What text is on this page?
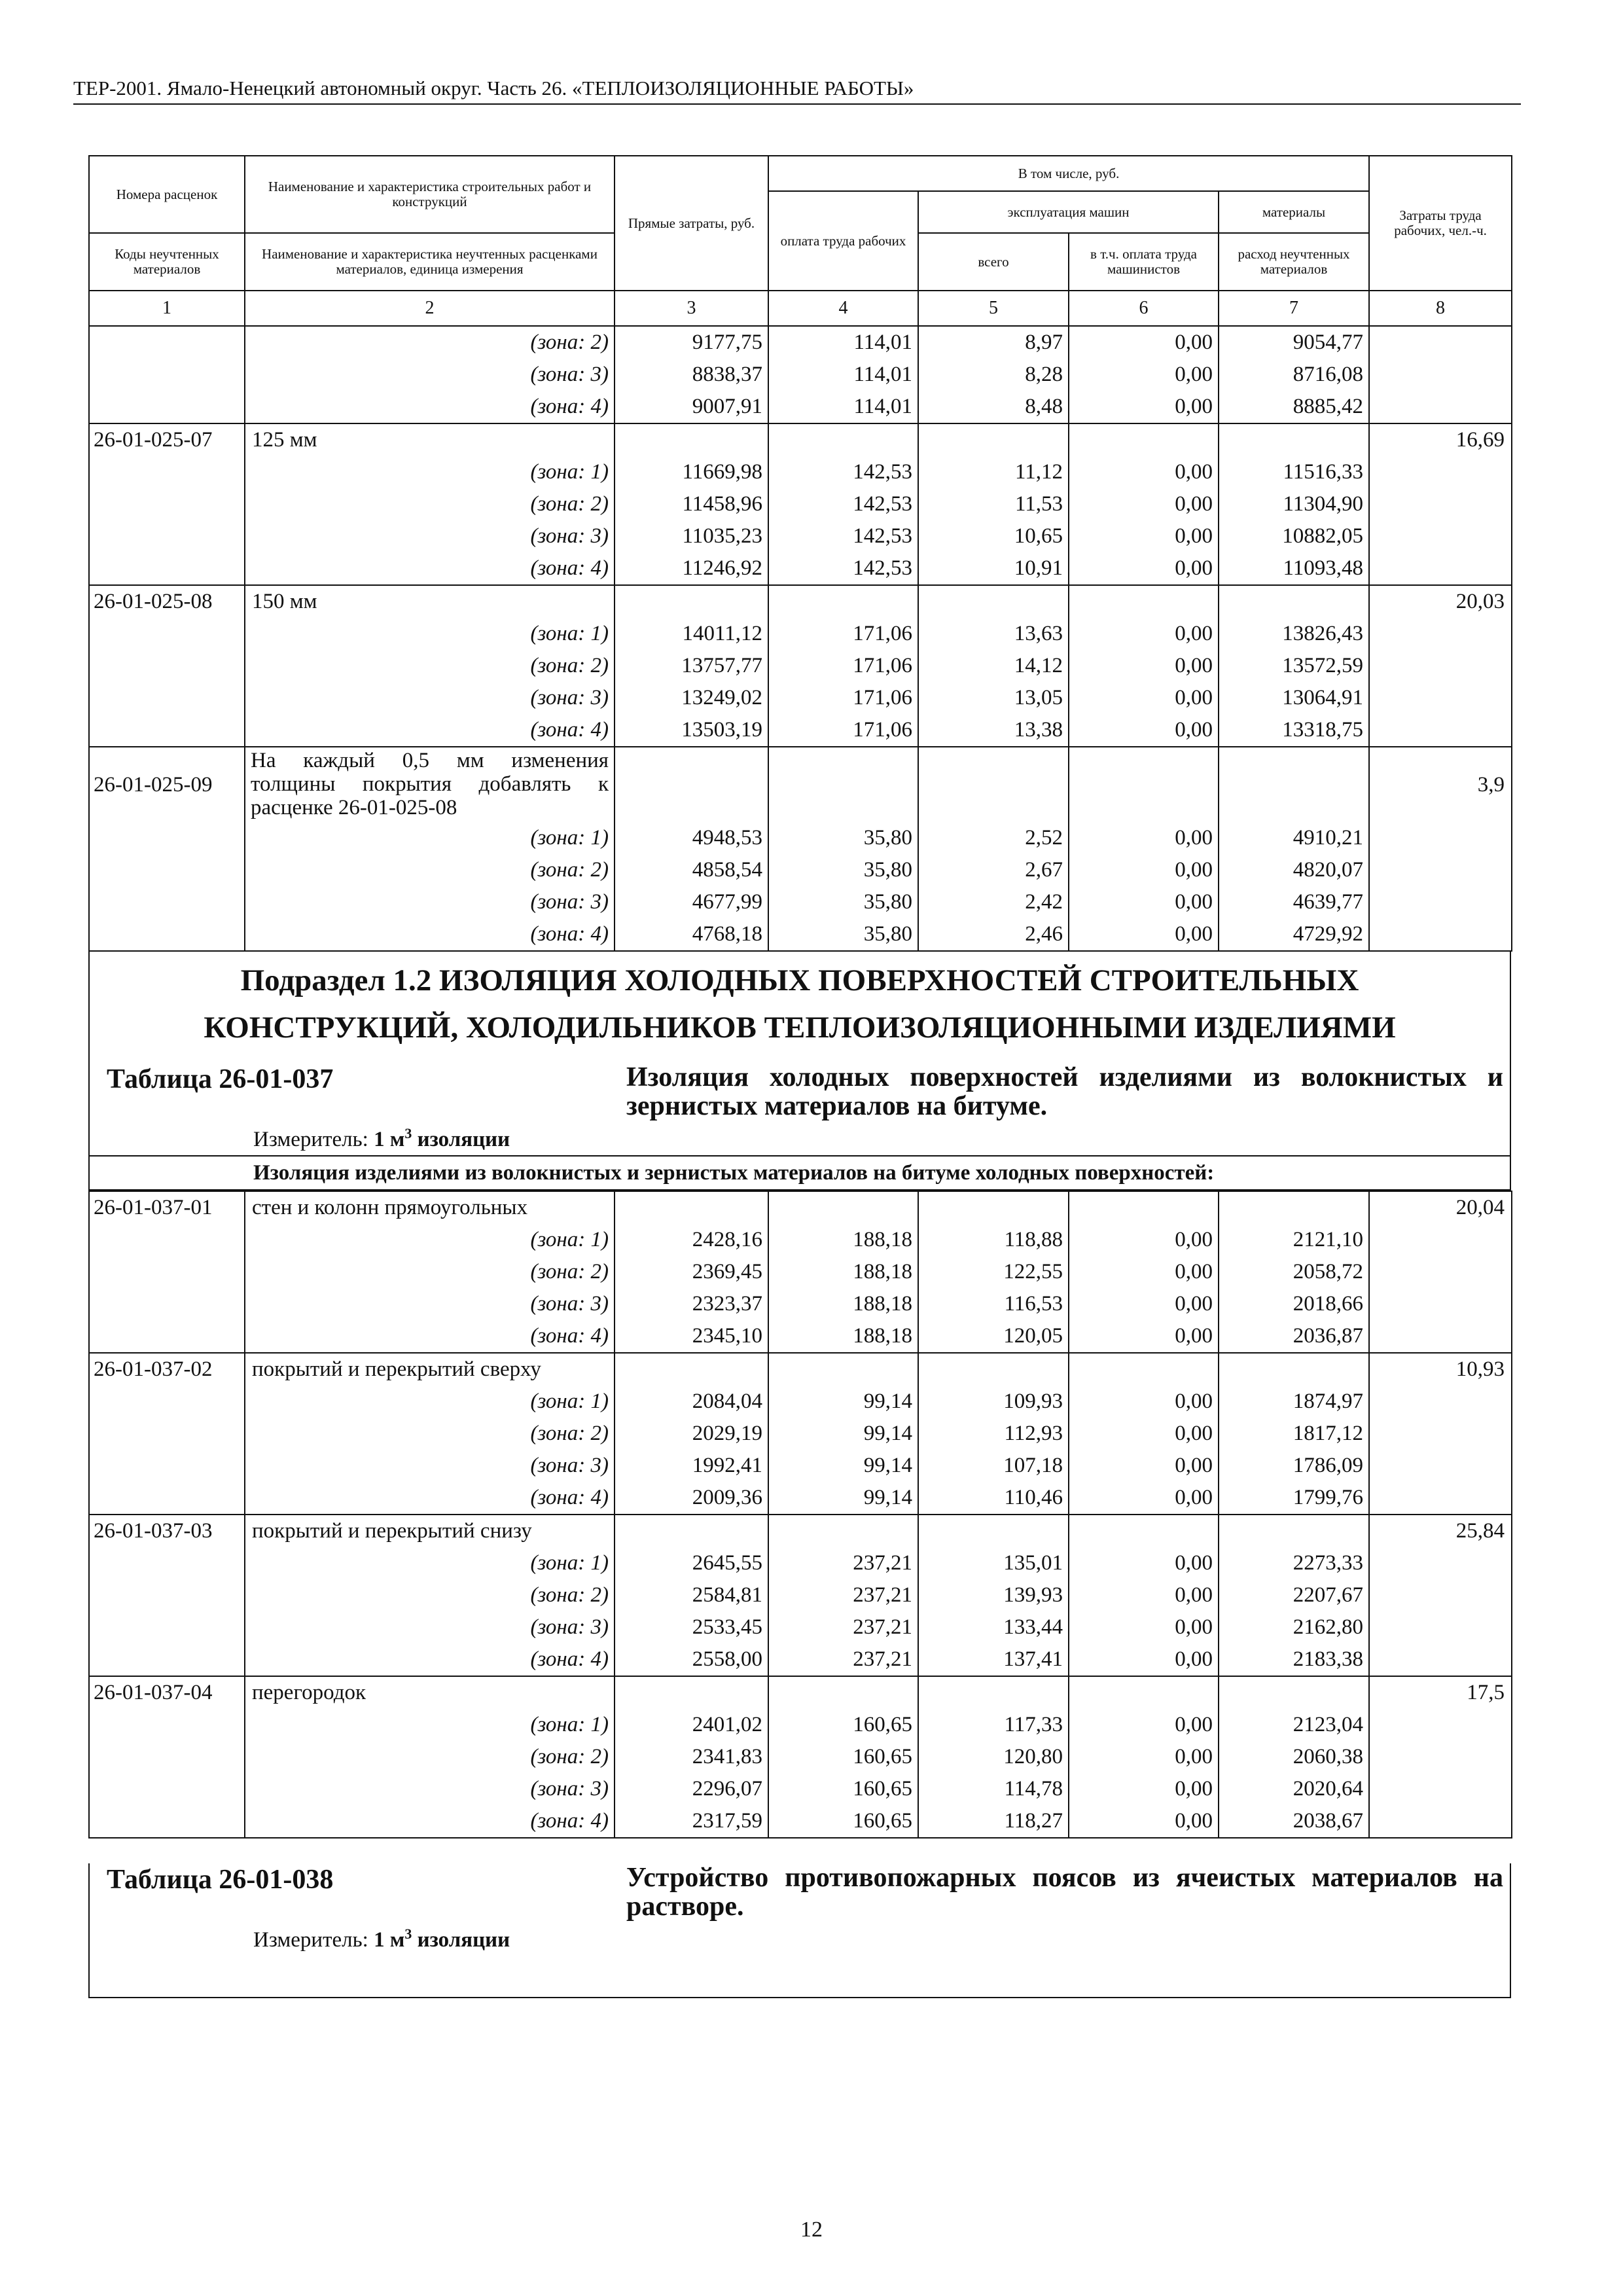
ТЕР-2001. Ямало-Ненецкий автономный округ. Часть 26. «ТЕПЛОИЗОЛЯЦИОННЫЕ РАБОТЫ»
Номера расценок	Наименование и характеристика строительных работ и конструкций	Прямые затраты, руб.	В том числе, руб.				Затраты труда рабочих, чел.-ч.
			оплата труда рабочих	эксплуатация машин		материалы	
Коды неучтенных материалов	Наименование и характеристика неучтенных расценками материалов, единица измерения			всего	в т.ч. оплата труда машинистов	расход неучтенных материалов	

1	2	3	4	5	6	7	8
	(зона: 2)	9177,75	114,01	8,97	0,00	9054,77	
	(зона: 3)	8838,37	114,01	8,28	0,00	8716,08	
	(зона: 4)	9007,91	114,01	8,48	0,00	8885,42	
26-01-025-07	125 мм						16,69
	(зона: 1)	11669,98	142,53	11,12	0,00	11516,33	
	(зона: 2)	11458,96	142,53	11,53	0,00	11304,90	
	(зона: 3)	11035,23	142,53	10,65	0,00	10882,05	
	(зона: 4)	11246,92	142,53	10,91	0,00	11093,48	
26-01-025-08	150 мм						20,03
	(зона: 1)	14011,12	171,06	13,63	0,00	13826,43	
	(зона: 2)	13757,77	171,06	14,12	0,00	13572,59	
	(зона: 3)	13249,02	171,06	13,05	0,00	13064,91	
	(зона: 4)	13503,19	171,06	13,38	0,00	13318,75	
26-01-025-09	На каждый 0,5 мм изменения толщины покрытия добавлять к расценке 26-01-025-08						3,9
	(зона: 1)	4948,53	35,80	2,52	0,00	4910,21	
	(зона: 2)	4858,54	35,80	2,67	0,00	4820,07	
	(зона: 3)	4677,99	35,80	2,42	0,00	4639,77	
	(зона: 4)	4768,18	35,80	2,46	0,00	4729,92	
Подраздел 1.2 ИЗОЛЯЦИЯ ХОЛОДНЫХ ПОВЕРХНОСТЕЙ СТРОИТЕЛЬНЫХ
КОНСТРУКЦИЙ, ХОЛОДИЛЬНИКОВ ТЕПЛОИЗОЛЯЦИОННЫМИ ИЗДЕЛИЯМИ
Таблица 26-01-037	Изоляция холодных поверхностей изделиями из волокнистых и зернистых материалов на битуме.
Измеритель: 1 $м^3$ изоляции
Изоляция изделиями из волокнистых и зернистых материалов на битуме холодных поверхностей:
26-01-037-01	стен и колонн прямоугольных						20,04
	(зона: 1)	2428,16	188,18	118,88	0,00	2121,10	
	(зона: 2)	2369,45	188,18	122,55	0,00	2058,72	
	(зона: 3)	2323,37	188,18	116,53	0,00	2018,66	
	(зона: 4)	2345,10	188,18	120,05	0,00	2036,87	
26-01-037-02	покрытий и перекрытий сверху						10,93
	(зона: 1)	2084,04	99,14	109,93	0,00	1874,97	
	(зона: 2)	2029,19	99,14	112,93	0,00	1817,12	
	(зона: 3)	1992,41	99,14	107,18	0,00	1786,09	
	(зона: 4)	2009,36	99,14	110,46	0,00	1799,76	
26-01-037-03	покрытий и перекрытий снизу						25,84
	(зона: 1)	2645,55	237,21	135,01	0,00	2273,33	
	(зона: 2)	2584,81	237,21	139,93	0,00	2207,67	
	(зона: 3)	2533,45	237,21	133,44	0,00	2162,80	
	(зона: 4)	2558,00	237,21	137,41	0,00	2183,38	
26-01-037-04	перегородок						17,5
	(зона: 1)	2401,02	160,65	117,33	0,00	2123,04	
	(зона: 2)	2341,83	160,65	120,80	0,00	2060,38	
	(зона: 3)	2296,07	160,65	114,78	0,00	2020,64	
	(зона: 4)	2317,59	160,65	118,27	0,00	2038,67	
Таблица 26-01-038	Устройство противопожарных поясов из ячеистых материалов на растворе.
Измеритель: 1 $м^3$ изоляции
12
